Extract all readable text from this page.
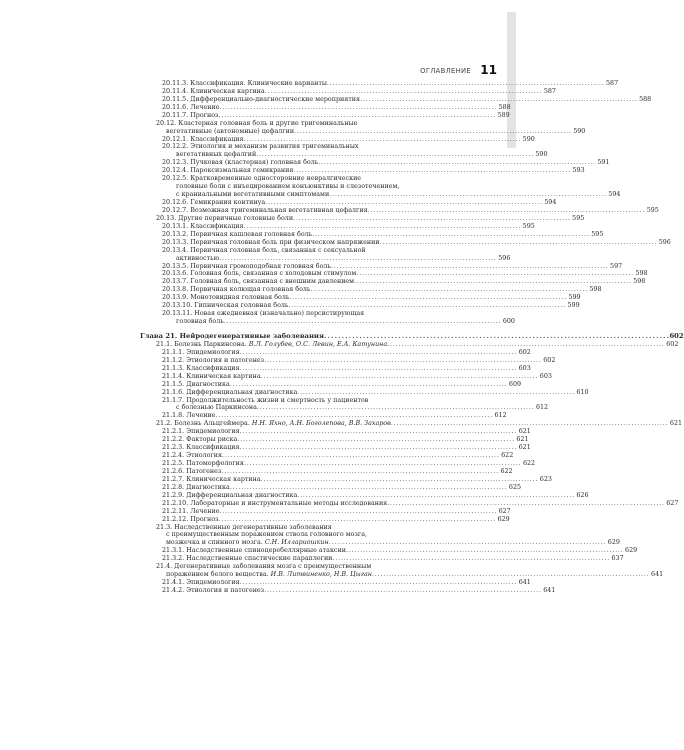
ОГЛАВЛЕНИЕ 11
20.11.3. Классификация. Клинические варианты . . .	587
20.11.4. Клиническая картина . . .	587
20.11.5. Дифференциально-диагностические мероприятия . . .	588
20.11.6. Лечение . . .	588
20.11.7. Прогноз . . .	589
20.12. Кластерная головная боль и другие тригеминальные
вегетативные (автономные) цефалгии . . .	590
20.12.1. Классификация . . .	590
20.12.2. Этиология и механизм развития тригеминальных
вегетативных цефалгий . . .	590
20.12.3. Пучковая (кластерная) головная боль . . .	591
20.12.4. Пароксизмальная гемикрания . . .	593
20.12.5. Кратковременные односторонние невралгические
головные боли с инъецированием конъюнктивы и слезотечением,
с краниальными вегетативными симптомами . . .	594
20.12.6. Гемикрания континуа . . .	594
20.12.7. Возможная тригеминальная вегетативная цефалгия . . .	595
20.13. Другие первичные головные боли . . .	595
20.13.1. Классификация . . .	595
20.13.2. Первичная кашлевая головная боль . . .	595
20.13.3. Первичная головная боль при физическом напряжении . . .	596
20.13.4. Первичная головная боль, связанная с сексуальной
активностью . . .	596
20.13.5. Первичная громоподобная головная боль . . .	597
20.13.6. Головная боль, связанная с холодовым стимулом . . .	598
20.13.7. Головная боль, связанная с внешним давлением . . .	598
20.13.8. Первичная колющая головная боль . . .	598
20.13.9. Монетовидная головная боль . . .	599
20.13.10. Гипническая головная боль . . .	599
20.13.11. Новая ежедневная (изначально) персистирующая
головная боль . . .	600
Глава 21. Нейродегенеративные заболевания . . .	602
21.1. Болезнь Паркинсона. В.Л. Голубев, О.С. Левин, Е.А. Катунина . . .	602
21.1.1. Эпидемиология . . .	602
21.1.2. Этиология и патогенез . . .	602
21.1.3. Классификация . . .	603
21.1.4. Клиническая картина . . .	603
21.1.5. Диагностика . . .	609
21.1.6. Дифференциальная диагностика . . .	610
21.1.7. Продолжительность жизни и смертность у пациентов
с болезнью Паркинсона . . .	612
21.1.8. Лечение . . .	612
21.2. Болезнь Альцгеймера. Н.Н. Яхно, А.Н. Боголепова, В.В. Захаров . . .	621
21.2.1. Эпидемиология . . .	621
21.2.2. Факторы риска . . .	621
21.2.3. Классификация . . .	621
21.2.4. Этиология . . .	622
21.2.5. Патоморфология . . .	622
21.2.6. Патогенез . . .	622
21.2.7. Клиническая картина . . .	623
21.2.8. Диагностика . . .	625
21.2.9. Дифференциальная диагностика . . .	626
21.2.10. Лабораторные и инструментальные методы исследования . . .	627
21.2.11. Лечение . . .	627
21.2.12. Прогноз . . .	629
21.3. Наследственные дегенеративные заболевания
с преимущественным поражением ствола головного мозга,
мозжечка и спинного мозга. С.Н. Иллариошкин . . .	629
21.3.1. Наследственные спиноцеребеллярные атаксии . . .	629
21.3.2. Наследственные спастические параплегии . . .	637
21.4. Дегенеративные заболевания мозга с преимущественным
поражением белого вещества. И.В. Литвиненко, Н.В. Цыган . . .	641
21.4.1. Эпидемиология . . .	641
21.4.2. Этиология и патогенез . . .	641
